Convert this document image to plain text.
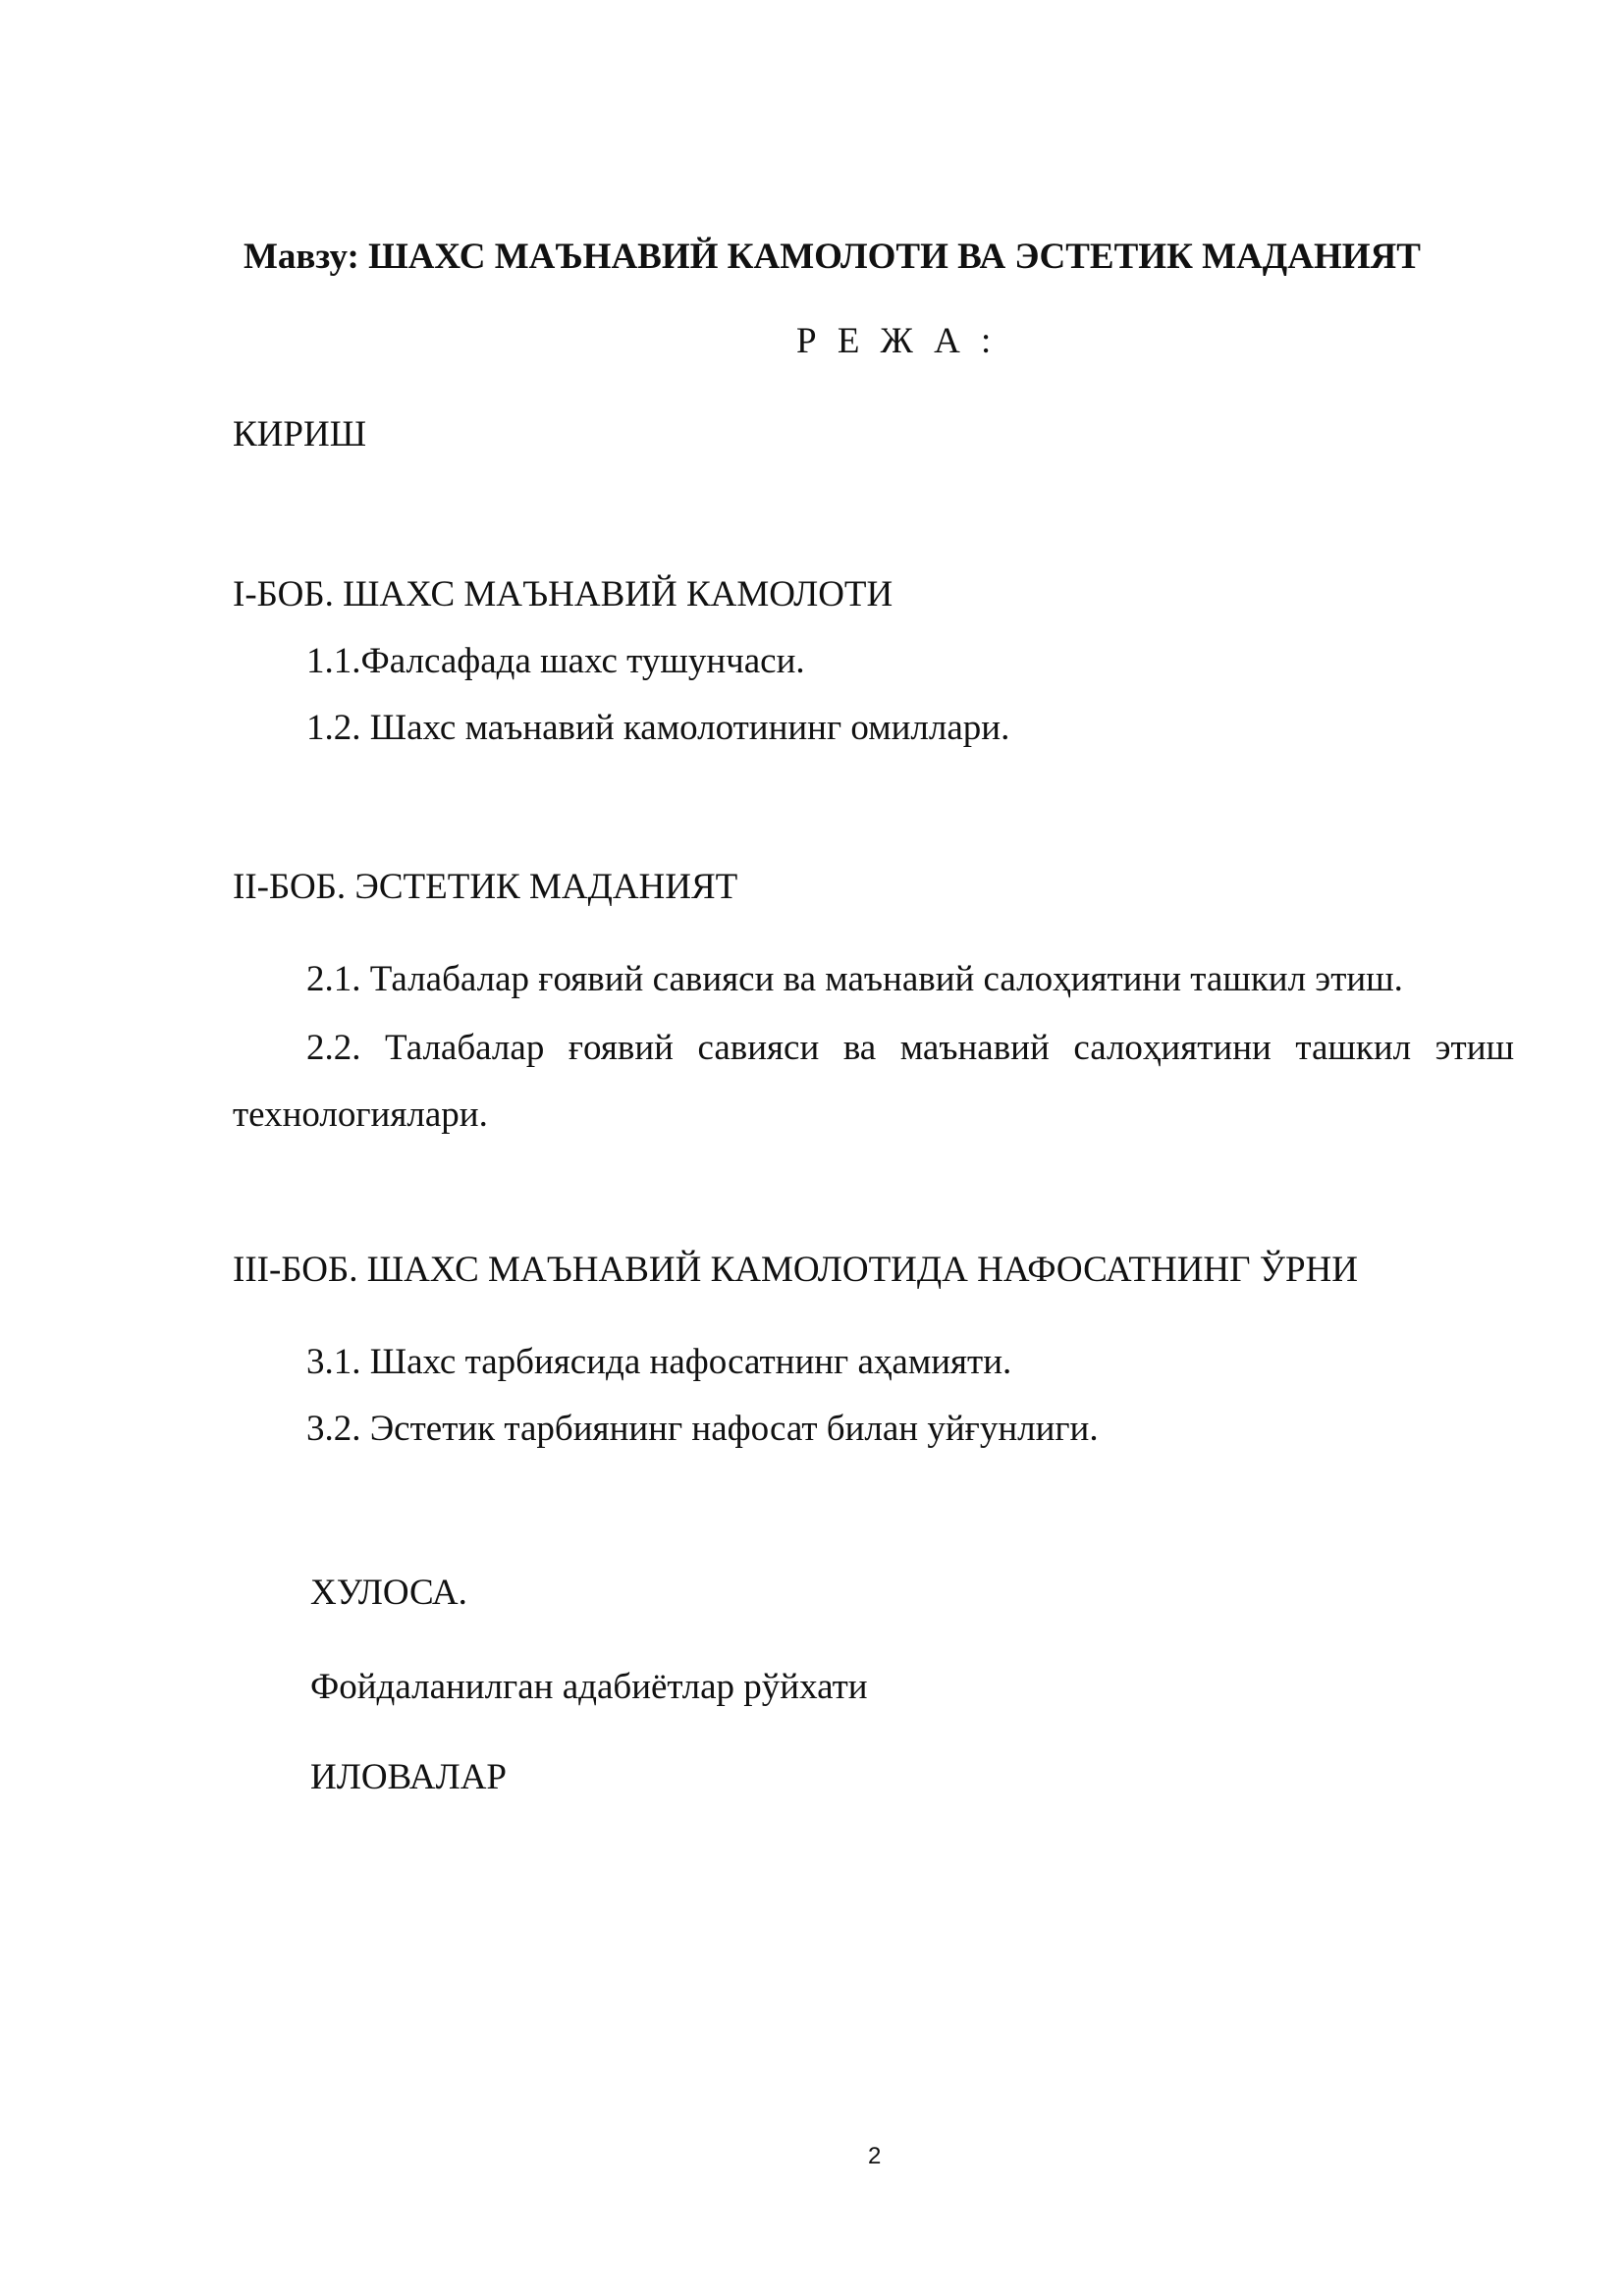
Мавзу: ШАХС МАЪНАВИЙ КАМОЛОТИ ВА ЭСТЕТИК МАДАНИЯТ
Р Е Ж А :
КИРИШ
I-БОБ. ШАХС МАЪНАВИЙ КАМОЛОТИ
1.1.Фалсафада шахс тушунчаси.
1.2. Шахс маънавий камолотининг омиллари.
II-БОБ. ЭСТЕТИК МАДАНИЯТ
2.1. Талабалар ғоявий савияси ва маънавий салоҳиятини ташкил этиш.
2.2. Талабалар ғоявий савияси ва маънавий салоҳиятини ташкил этиш
технологиялари.
III-БОБ. ШАХС МАЪНАВИЙ КАМОЛОТИДА НАФОСАТНИНГ ЎРНИ
3.1. Шахс тарбиясида нафосатнинг аҳамияти.
3.2. Эстетик тарбиянинг нафосат билан уйғунлиги.
ХУЛОСА.
Фойдаланилган адабиётлар рўйхати
ИЛОВАЛАР
2
